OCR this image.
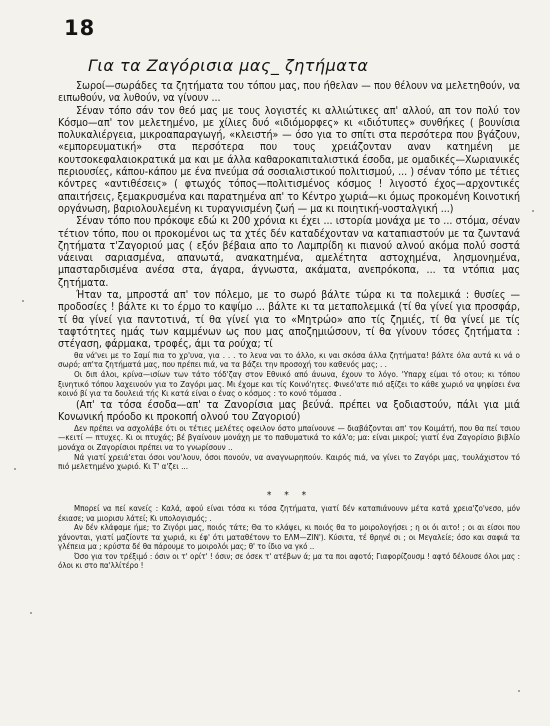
18
Για τα Ζαγόρισια μας_ ζητήματα

Σωροί—σωράδες τα ζητήματα του τόπου μας, που ήθελαν — που θέλουν να μελετηθούν, να ειπωθούν, να λυθούν, να γίνουν ...

Σέναν τόπο σάν τον θεό μας με τους λογιστές κι αλλιώτικες απ' αλλού, απ τον πολύ τον Κόσμο—απ' τον μελετημένο, με χίλιες δυό «ιδιόμορφες» κι «ιδιότυπες» συνθήκες ( βουνίσια πολυκαλιέργεια, μικροαπαραγωγή, «κλειστή» — όσο για το σπίτι στα περσότερα που βγάζουν, «εμπορευματική» στα περσότερα που τους χρειάζονταν αναν κατημένη με κουτσοκεφαλαιοκρατικά μα και με άλλα καθαροκαπιταλιστικά έσοδα, με ομαδικές—Χωριανικές περιουσίες, κάπου-κάπου με ένα πνεύμα σά σοσιαλιστικού πολιτισμού, ... ) σέναν τόπο με τέτιες κόντρες «αντιθέσεις» ( φτωχός τόπος—πολιτισμένος κόσμος ! λιγοστό έχος—αρχοντικές απαιτήσεις, ξεμακρυσμένα και παρατημένα απ' το Κέντρο χωριά—κι όμως προκομένη Κοινοτική οργάνωση, βαριολουλεμένη κι τυραγνισμένη ζωή — μα κι ποιητική-νοσταλγική ...)

Σέναν τόπο που πρόκοψε εδώ κι 200 χρόνια κι έχει ... ιστορία μονάχα με το ... στόμα, σέναν τέτιον τόπο, που οι προκομένοι ως τα χτές δέν καταδέχονταν να καταπιαστούν με τα ζωντανά ζητήματα τ'Ζαγοριού μας ( εξόν βέβαια απο το Λαμπρίδη κι πιανού αλνού ακόμα πολύ σοστά νάειναι σαριασμένα, απανωτά, ανακατημένα, αμελέτητα αστοχημένα, λησμονημένα, μπασταρδισμένα ανέσα στα, άγαρα, άγνωστα, ακάματα, ανεπρόκοπα, ... τα ντόπια μας ζητήματα.

Ήταν τα, μπροστά απ' τον πόλεμο, με το σωρό βάλτε τώρα κι τα πολεμικά : θυσίες — προδοσίες ! βάλτε κι το έρμο το καψίμο ... βάλτε κι τα μεταπολεμικά (τί θα γίνεί για προσφάρ, τί θα γίνεί για παντοτινά, τί θα γίνεί για το «Μητρώο» απο τίς ζημιές, τί θα γίνεί με τίς ταφτότητες ημάς των καμμένων ως που μας αποζημιώσουν, τί θα γίνουν τόσες ζητήματα : στέγαση, φάρμακα, τροφές, άμι τα ρούχα; τί

θα νά'νει με το Σαμί πια το χρ'υνα, για . . . το λενα ναι το άλλο, κι ναι σκόσα άλλα ζητήματα! βάλτε όλα αυτά κι νά ο σωρό; απ'τα ζητήματά μας, που πρέπει πιά, να τα βάζει την προσοχή του καθενός μας; . .

Οι διπ άλοι, κρίνα—ισίων των τάτο τόδ'ζαγ στον Εθνικό από άνωνα, έχουν το λόγο. 'Υπαρχ είμαι τό οτου; κι τόπου ξινητικό τόπου λαχεινούν για το Ζαγόρι μας. Μι έχομε και τίς Κοινό'ητες. Φινεό'ατε πιό αξίζει το κάθε χωριό να ψηφίσει ένα κοινό βί για τα δουλειά τής Κι κατά είναι ο ένας ο κόσμος : το κονό τόμασα .

(Απ' τα τόσα έσοδα—απ' τα Ζανορίσια μας βεύνά. πρέπει να ξοδιαστούν, πάλι για μιά Κονωνική πρόοδο κι προκοπή ολνού του Ζαγοριού)

Δεν πρέπει να ασχολάβε ότι οι τέτιες μελέτες οφειλον όστο μπαίνουνε — διαβάζονται απ' τον Κοιμάτή, που θα πεί τσιου—κειτί — πτυχες. Κι οι πτυχάς; βέ βγαίνουν μονάχη με το παθυματικά το κάλ'ο; μα: είναι μικροί; γιατί ένα Ζαγορίσιο βιβλίο μονάχα οι Ζαγορίσιοι πρέπει να το γνωρίσουν ..

Νά γιατί χρειά'εται όσοι νου'λουν, όσοι πονούν, να αναγνωρηπούν. Καιρός πιά, να γίνει το Ζαγόρι μας, τουλάχιστον τό πιό μελετημένο χωριό. Κι Τ' α'ζει ...

* * *

Μπορεί να πεί κανείς : Καλά, αφού είναι τόσα κι τόσα ζητήματα, γιατί δέν καταπιάνουνν μέτα κατά χρεια'ζο'νεσο, μόν έκιασε; να μιορισυ λάτεί; Κι υπολογισμός; .

Αν δέν κλάφαμε ήμε; το Ζιγόρι μας, ποιός τάτε; Θα το κλάψει, κι ποιός θα το μοιρολογήσει ; η οι όι αιτο! ; οι αι είσοι που χάνονται, γιατί μαζίοντε τα χωριά, κι έφ' ότι ματαθέτονν το ΕΛΜ—ΖΙΝ'). Κύσιτα, τέ θρηνέ σι ; οι Μεγαλείε; όσο και σαφιά τα γλέπεια μα ; κρύστα δέ θα πάρουμε το μοιρολόι μας; θ' το ίδιο να γκό ..

Όσο για τον τρέξιμό : όσιν οι τ' ορίτ' ! όσιν; σε όσεκ τ' ατέβων ά; μα τα ποι αφοτό; Γιαφορίζουσμ ! αφτό δέλουσε όλοι μας : όλοι κι στο πα'λλίτέρο !
